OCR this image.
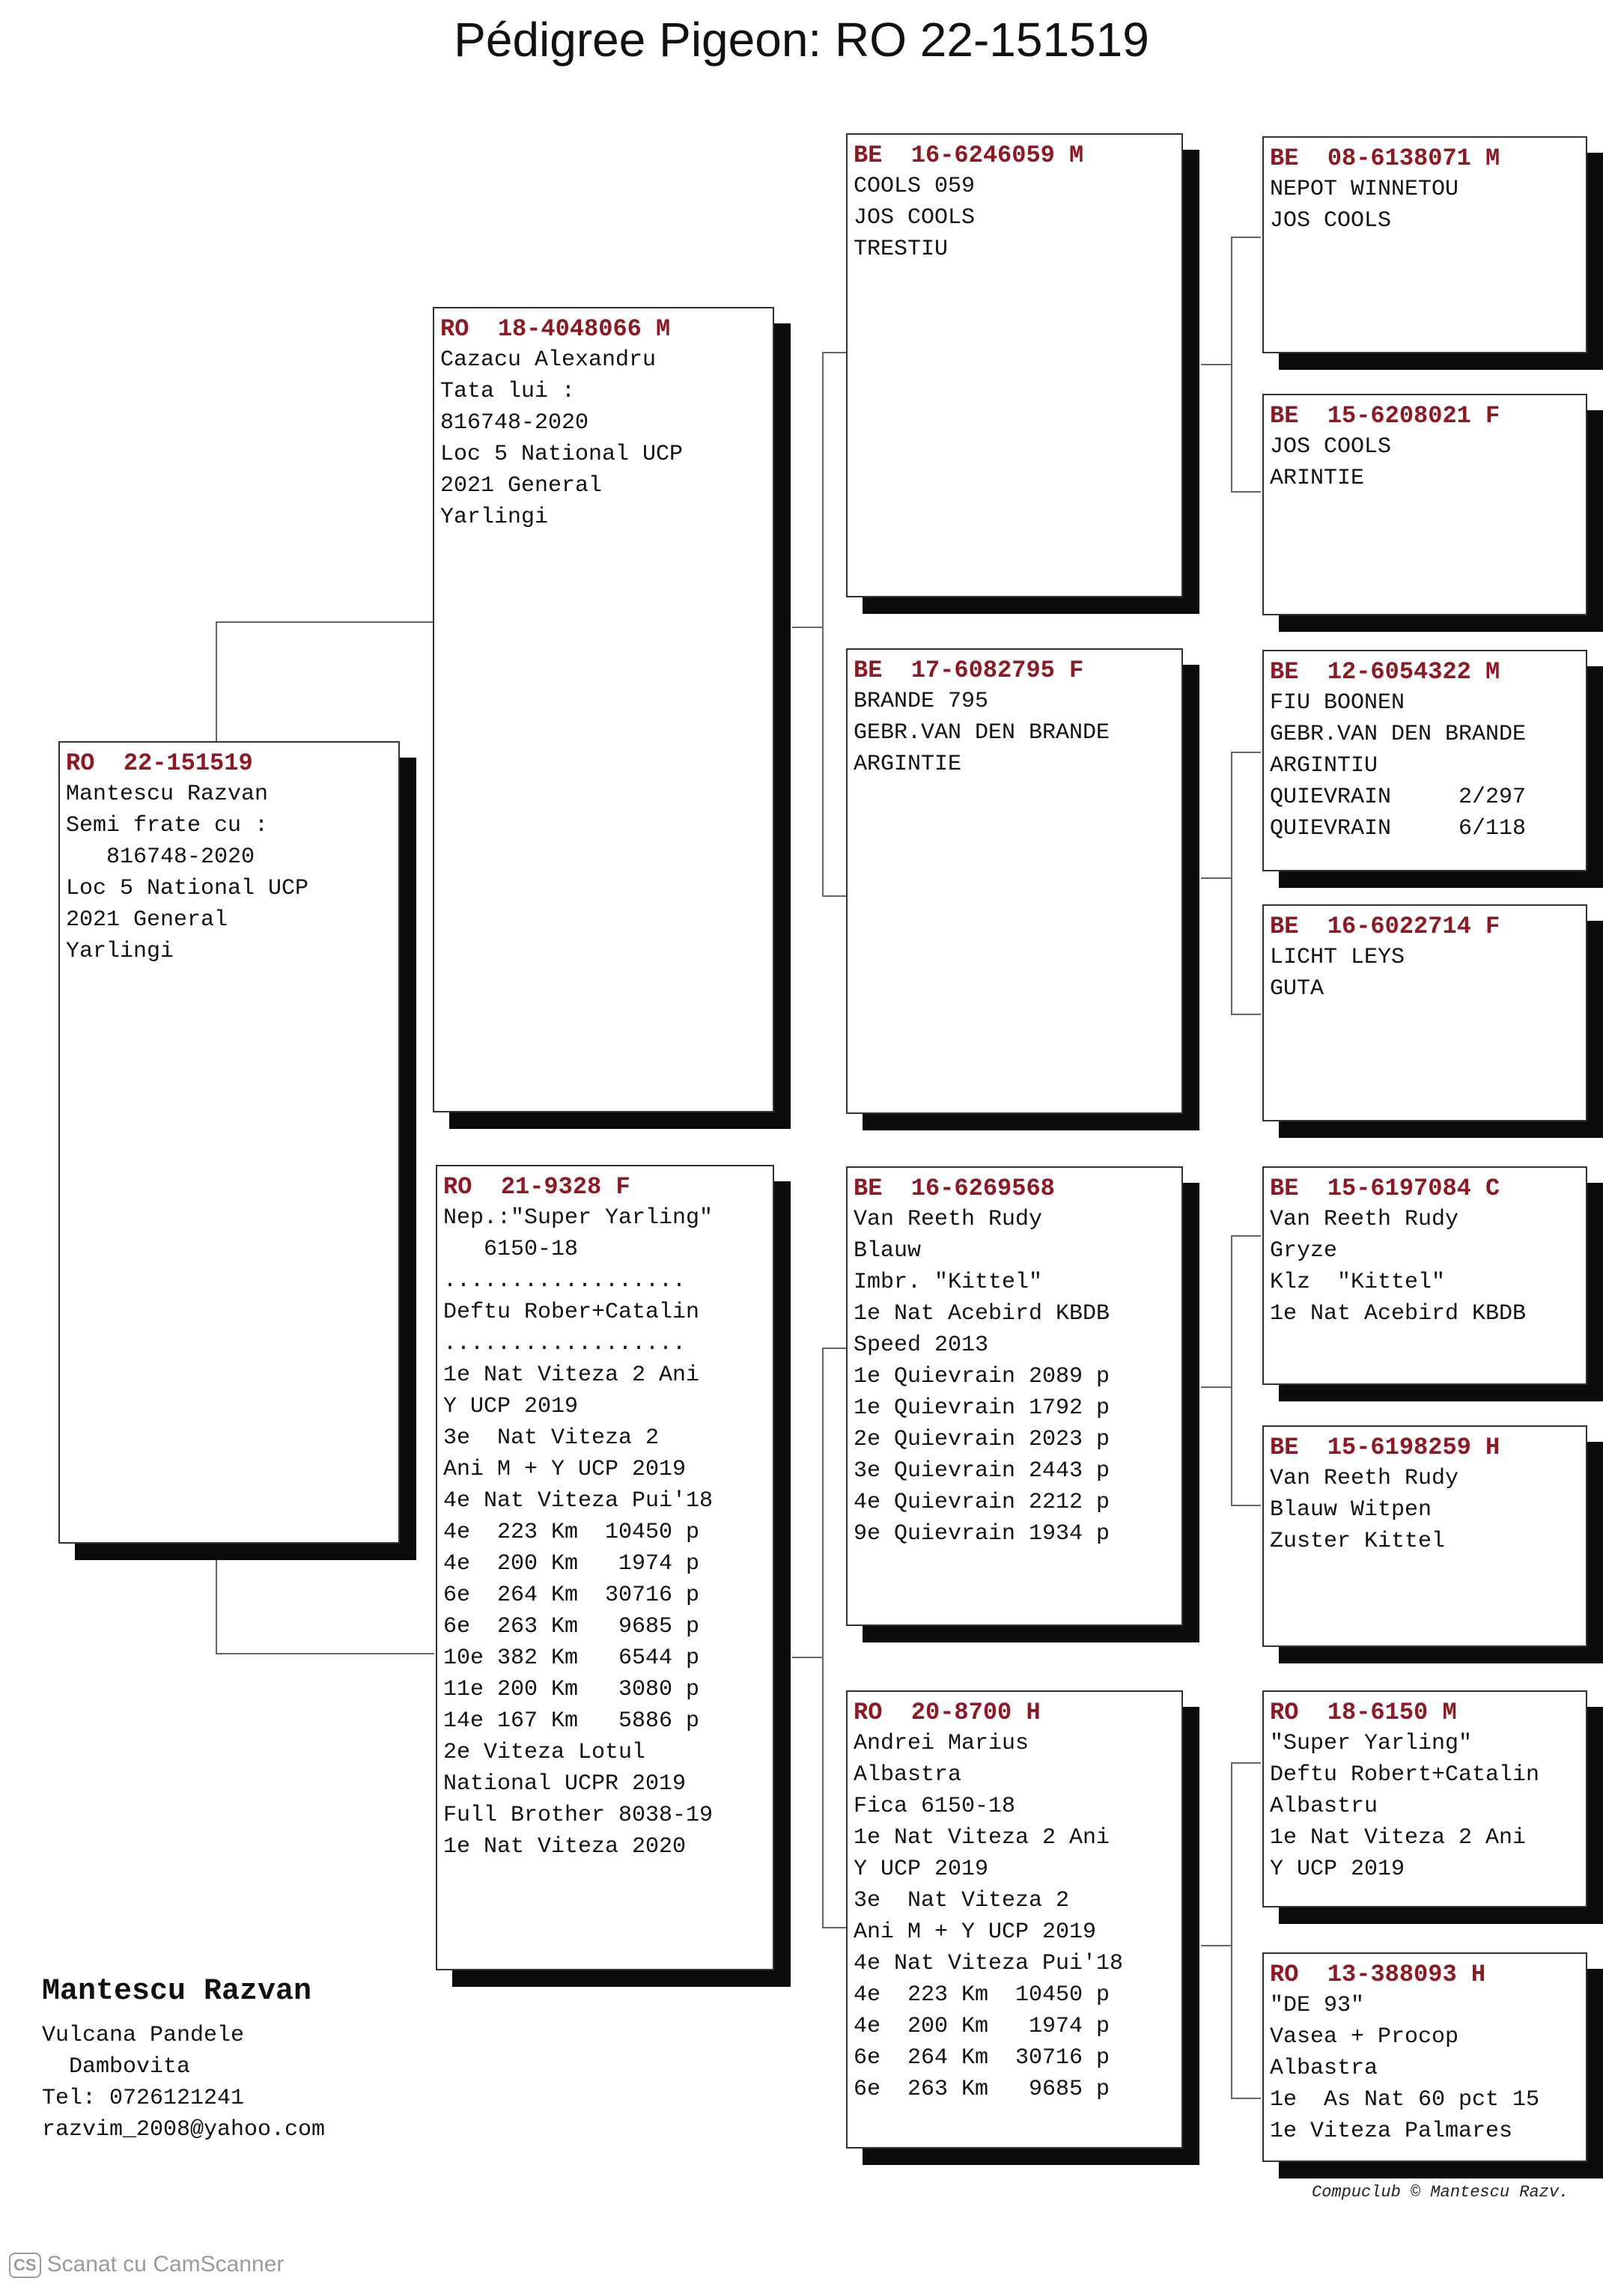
Pédigree Pigeon: RO 22-151519
RO  22-151519
Mantescu Razvan
Semi frate cu :
816748-2020
Loc 5 National UCP
2021 General
Yarlingi
RO  18-4048066 M
Cazacu Alexandru
Tata lui :
816748-2020
Loc 5 National UCP
2021 General
Yarlingi
RO  21-9328 F
Nep.:"Super Yarling"
6150-18
..................
Deftu Rober+Catalin
..................
1e Nat Viteza 2 Ani
Y UCP 2019
3e  Nat Viteza 2
Ani M + Y UCP 2019
4e Nat Viteza Pui'18
4e  223 Km  10450 p
4e  200 Km   1974 p
6e  264 Km  30716 p
6e  263 Km   9685 p
10e 382 Km   6544 p
11e 200 Km   3080 p
14e 167 Km   5886 p
2e Viteza Lotul
National UCPR 2019
Full Brother 8038-19
1e Nat Viteza 2020
BE  16-6246059 M
COOLS 059
JOS COOLS
TRESTIU
BE  17-6082795 F
BRANDE 795
GEBR.VAN DEN BRANDE
ARGINTIE
BE  16-6269568
Van Reeth Rudy
Blauw
Imbr. "Kittel"
1e Nat Acebird KBDB
Speed 2013
1e Quievrain 2089 p
1e Quievrain 1792 p
2e Quievrain 2023 p
3e Quievrain 2443 p
4e Quievrain 2212 p
9e Quievrain 1934 p
RO  20-8700 H
Andrei Marius
Albastra
Fica 6150-18
1e Nat Viteza 2 Ani
Y UCP 2019
3e  Nat Viteza 2
Ani M + Y UCP 2019
4e Nat Viteza Pui'18
4e  223 Km  10450 p
4e  200 Km   1974 p
6e  264 Km  30716 p
6e  263 Km   9685 p
BE  08-6138071 M
NEPOT WINNETOU
JOS COOLS
BE  15-6208021 F
JOS COOLS
ARINTIE
BE  12-6054322 M
FIU BOONEN
GEBR.VAN DEN BRANDE
ARGINTIU
QUIEVRAIN     2/297
QUIEVRAIN     6/118
BE  16-6022714 F
LICHT LEYS
GUTA
BE  15-6197084 C
Van Reeth Rudy
Gryze
Klz  "Kittel"
1e Nat Acebird KBDB
BE  15-6198259 H
Van Reeth Rudy
Blauw Witpen
Zuster Kittel
RO  18-6150 M
"Super Yarling"
Deftu Robert+Catalin
Albastru
1e Nat Viteza 2 Ani
Y UCP 2019
RO  13-388093 H
"DE 93"
Vasea + Procop
Albastra
1e  As Nat 60 pct 15
1e Viteza Palmares
Mantescu Razvan
Vulcana Pandele
Dambovita
Tel: 0726121241
razvim_2008@yahoo.com
Compuclub © Mantescu Razv.
CS Scanat cu CamScanner
